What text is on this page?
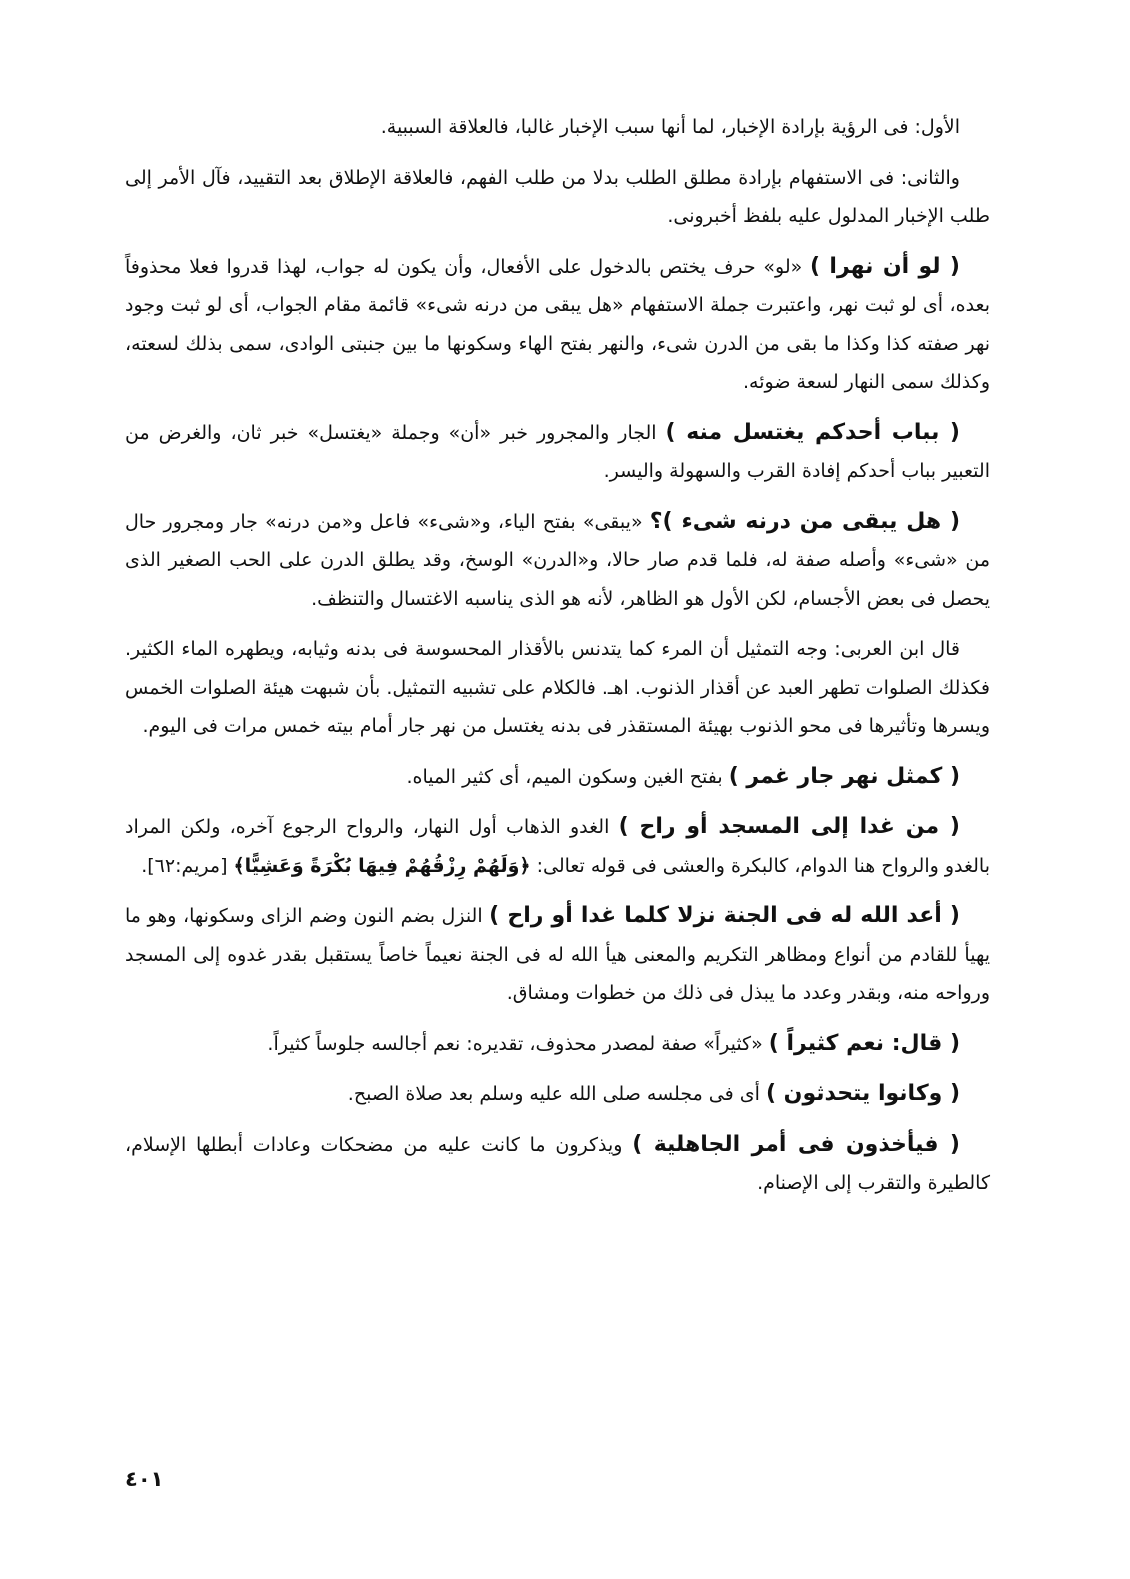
الأول: فى الرؤية بإرادة الإخبار، لما أنها سبب الإخبار غالبا، فالعلاقة السببية.

والثانى: فى الاستفهام بإرادة مطلق الطلب بدلا من طلب الفهم، فالعلاقة الإطلاق بعد التقييد، فآل الأمر إلى طلب الإخبار المدلول عليه بلفظ أخبرونى.

( لو أن نهرا ) «لو» حرف يختص بالدخول على الأفعال، وأن يكون له جواب، لهذا قدروا فعلا محذوفاً بعده، أى لو ثبت نهر، واعتبرت جملة الاستفهام «هل يبقى من درنه شىء» قائمة مقام الجواب، أى لو ثبت وجود نهر صفته كذا وكذا ما بقى من الدرن شىء، والنهر بفتح الهاء وسكونها ما بين جنبتى الوادى، سمى بذلك لسعته، وكذلك سمى النهار لسعة ضوئه.

( بباب أحدكم يغتسل منه ) الجار والمجرور خبر «أن» وجملة «يغتسل» خبر ثان، والغرض من التعبير بباب أحدكم إفادة القرب والسهولة واليسر.

( هل يبقى من درنه شىء )؟ «يبقى» بفتح الياء، و«شىء» فاعل و«من درنه» جار ومجرور حال من «شىء» وأصله صفة له، فلما قدم صار حالا، و«الدرن» الوسخ، وقد يطلق الدرن على الحب الصغير الذى يحصل فى بعض الأجسام، لكن الأول هو الظاهر، لأنه هو الذى يناسبه الاغتسال والتنظف.

قال ابن العربى: وجه التمثيل أن المرء كما يتدنس بالأقذار المحسوسة فى بدنه وثيابه، ويطهره الماء الكثير. فكذلك الصلوات تطهر العبد عن أقذار الذنوب. اهـ. فالكلام على تشبيه التمثيل. بأن شبهت هيئة الصلوات الخمس ويسرها وتأثيرها فى محو الذنوب بهيئة المستقذر فى بدنه يغتسل من نهر جار أمام بيته خمس مرات فى اليوم.

( كمثل نهر جار غمر ) بفتح الغين وسكون الميم، أى كثير المياه.

( من غدا إلى المسجد أو راح ) الغدو الذهاب أول النهار، والرواح الرجوع آخره، ولكن المراد بالغدو والرواح هنا الدوام، كالبكرة والعشى فى قوله تعالى: ﴿وَلَهُمْ رِزْقُهُمْ فِيهَا بُكْرَةً وَعَشِيًّا﴾ [مريم:٦٢].

( أعد الله له فى الجنة نزلا كلما غدا أو راح ) النزل بضم النون وضم الزاى وسكونها، وهو ما يهيأ للقادم من أنواع ومظاهر التكريم والمعنى هيأ الله له فى الجنة نعيماً خاصاً يستقبل بقدر غدوه إلى المسجد ورواحه منه، وبقدر وعدد ما يبذل فى ذلك من خطوات ومشاق.

( قال: نعم كثيراً ) «كثيراً» صفة لمصدر محذوف، تقديره: نعم أجالسه جلوساً كثيراً.

( وكانوا يتحدثون ) أى فى مجلسه صلى الله عليه وسلم بعد صلاة الصبح.

( فيأخذون فى أمر الجاهلية ) ويذكرون ما كانت عليه من مضحكات وعادات أبطلها الإسلام، كالطيرة والتقرب إلى الإصنام.

٤٠١
